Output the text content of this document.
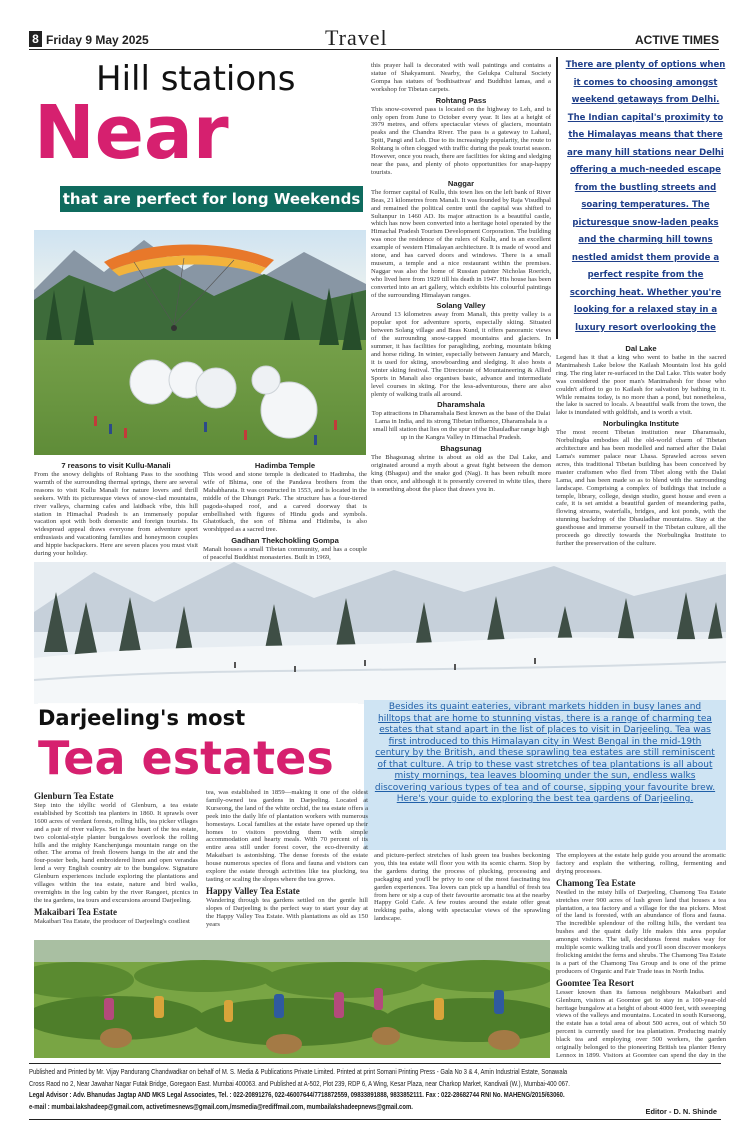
8 Friday 9 May 2025	Travel	ACTIVE TIMES
Hill stations
Near
that are perfect for long Weekends
There are plenty of options when it comes to choosing amongst weekend getaways from Delhi. The Indian capital's proximity to the Himalayas means that there are many hill stations near Delhi offering a much-needed escape from the bustling streets and soaring temperatures. The picturesque snow-laden peaks and the charming hill towns nestled amidst them provide a perfect respite from the scorching heat. Whether you're looking for a relaxed stay in a luxury resort overlooking the
7 reasons to visit Kullu-Manali
From the snowy delights of Rohtang Pass to the soothing warmth of the surrounding thermal springs, there are several reasons to visit Kullu Manali for nature lovers and thrill seekers. With its picturesque views of snow-clad mountains, river valleys, charming cafes and laidback vibe, this hill station in Himachal Pradesh is an immensely popular vacation spot with both domestic and foreign tourists. Its widespread appeal draws everyone from adventure sport enthusiasts and vacationing families and honeymoon couples and hippie backpackers. Here are seven places you must visit during your holiday.
Hadimba Temple
This wood and stone temple is dedicated to Hadimba, the wife of Bhima, one of the Pandava brothers from the Mahabharata. It was constructed in 1553, and is located in the middle of the Dhungri Park. The structure has a four-tiered pagoda-shaped roof, and a carved doorway that is embellished with figures of Hindu gods and symbols. Ghatotkach, the son of Bhima and Hidimba, is also worshipped as a sacred tree.
Gadhan Thekchokling Gompa
Manali houses a small Tibetan community, and has a couple of peaceful Buddhist monasteries. Built in 1969,
this prayer hall is decorated with wall paintings and contains a statue of Shakyamuni. Nearby, the Gelukpa Cultural Society Gompa has statues of 'bodhisattvas' and Buddhist lamas, and a workshop for Tibetan carpets.
Rohtang Pass
This snow-covered pass is located on the highway to Leh, and is only open from June to October every year. It lies at a height of 3979 metres, and offers spectacular views of glaciers, mountain peaks and the Chandra River. The pass is a gateway to Lahaul, Spiti, Pangi and Leh. Due to its increasingly popularity, the route to Rohtang is often clogged with traffic during the peak tourist season. However, once you reach, there are facilities for skiing and sledging near the pass, and plenty of photo opportunities for snap-happy tourists.
Naggar
The former capital of Kullu, this town lies on the left bank of River Beas, 21 kilometres from Manali. It was founded by Raja Visudhpal and remained the political centre until the capital was shifted to Sultanpur in 1460 AD. Its major attraction is a beautiful castle, which has now been converted into a heritage hotel operated by the Himachal Pradesh Tourism Development Corporation. The building was once the residence of the rulers of Kullu, and is an excellent example of western Himalayan architecture. It is made of wood and stone, and has carved doors and windows. There is a small museum, a temple and a nice restaurant within the premises. Naggar was also the home of Russian painter Nicholas Roerich, who lived here from 1929 till his death in 1947. His house has been converted into an art gallery, which exhibits his colourful paintings of the surrounding Himalayan ranges.
Solang Valley
Around 13 kilometres away from Manali, this pretty valley is a popular spot for adventure sports, especially skiing. Situated between Solang village and Beas Kund, it offers panoramic views of the surrounding snow-capped mountains and glaciers. In summer, it has facilities for paragliding, zorbing, mountain biking and horse riding. In winter, especially between January and March, it is used for skiing, snowboarding and sledging. It also hosts a winter skiing festival. The Directorate of Mountaineering & Allied Sports in Manali also organises basic, advance and intermediate level courses in skiing. For the less-adventurous, there are also plenty of walking trails all around.
Dharamshala
Top attractions in Dharamshala Best known as the base of the Dalai Lama in India, and its strong Tibetan influence, Dharamshala is a small hill station that lies on the spur of the Dhauladhar range high up in the Kangra Valley in Himachal Pradesh.
Bhagsunag
The Bhagsunag shrine is about as old as the Dal Lake, and originated around a myth about a great fight between the demon king (Bhagsu) and the snake god (Nag). It has been rebuilt more than once, and although it is presently covered in white tiles, there is something about the place that draws you in.
Dal Lake
Legend has it that a king who went to bathe in the sacred Manimahesh Lake below the Kailash Mountain lost his gold ring. The ring later re-surfaced in the Dal Lake. This water body was considered the poor man's Manimahesh for those who couldn't afford to go to Kailash for salvation by bathing in it. While remains today, is no more than a pond, but nonetheless, the lake is sacred to locals. A beautiful walk from the town, the lake is inundated with goldfish, and is worth a visit.
Norbulingka Institute
The most recent Tibetan institution near Dharamsalu, Norbulingka embodies all the old-world charm of Tibetan architecture and has been modelled and named after the Dalai Lama's summer palace near Lhasa. Sprawled across seven acres, this traditional Tibetan building has been conceived by master craftsmen who fled from Tibet along with the Dalai Lama, and has been made so as to blend with the surrounding landscape. Comprising a complex of buildings that include a temple, library, college, design studio, guest house and even a cafe, it is set amidst a beautiful garden of meandering paths, flowing streams, waterfalls, bridges, and koi ponds, with the stunning backdrop of the Dhauladhar mountains. Stay at the guesthouse and immerse yourself in the Tibetan culture, all the proceeds go directly towards the Norbulingka Institute to further the preservation of the culture.
Darjeeling's most
Tea estates
Besides its quaint eateries, vibrant markets hidden in busy lanes and hilltops that are home to stunning vistas, there is a range of charming tea estates that stand apart in the list of places to visit in Darjeeling. Tea was first introduced to this Himalayan city in West Bengal in the mid-19th century by the British, and these sprawling tea estates are still reminiscent of that culture. A trip to these vast stretches of tea plantations is all about misty mornings, tea leaves blooming under the sun, endless walks discovering various types of tea and of course, sipping your favourite brew. Here's your guide to exploring the best tea gardens of Darjeeling.
Glenburn Tea Estate
Step into the idyllic world of Glenburn, a tea estate established by Scottish tea planters in 1860. It sprawls over 1600 acres of verdant forests, rolling hills, tea picker villages and a pair of river valleys. Set in the heart of the tea estate, two colonial-style planter bungalows overlook the rolling hills and the mighty Kanchenjunga mountain range on the other. The aroma of fresh flowers hangs in the air and the four-poster beds, hand embroidered linen and open verandas lend a very English country air to the bungalow. Signature Glenburn experiences include exploring the plantations and villages within the tea estate, nature and bird walks, overnights in the log cabin by the river Rangeet, picnics in the tea gardens, tea tours and excursions around Darjeeling.
Makaibari Tea Estate
Makaibari Tea Estate, the producer of Darjeeling's costliest
tea, was established in 1859—making it one of the oldest family-owned tea gardens in Darjeeling. Located at Kurseong, the land of the white orchid, the tea estate offers a peek into the daily life of plantation workers with numerous homestays. Local families at the estate have opened up their homes to visitors providing them with simple accommodation and hearty meals. With 70 percent of its entire area still under forest cover, the eco-diversity at Makaibari is astonishing. The dense forests of the estate house numerous species of flora and fauna and visitors can explore the estate through activities like tea plucking, tea tasting or scaling the slopes where the tea grows.
Happy Valley Tea Estate
Wandering through tea gardens settled on the gentle hill slopes of Darjeeling is the perfect way to start your day at the Happy Valley Tea Estate. With plantations as old as 150 years
and picture-perfect stretches of lush green tea bushes beckoning you, this tea estate will floor you with its scenic charm. Stop by the gardens during the process of plucking, processing and packaging and you'll be privy to one of the most fascinating tea garden experiences. Tea lovers can pick up a handful of fresh tea from here or sip a cup of their favourite aromatic tea at the nearby Happy Gold Cafe. A few routes around the estate offer great trekking paths, along with spectacular views of the sprawling landscape.
The employees at the estate help guide you around the aromatic factory and explain the withering, rolling, fermenting and drying processes.
Chamong Tea Estate
Nestled in the misty hills of Darjeeling, Chamong Tea Estate stretches over 900 acres of lush green land that houses a tea plantation, a tea factory and a village for the tea pickers. Most of the land is forested, with an abundance of flora and fauna. The incredible splendour of the rolling hills, the verdant tea bushes and the quaint daily life makes this area popular amongst visitors. The tall, deciduous forest makes way for multiple scenic walking trails and you'll soon discover monkeys frolicking amidst the ferns and shrubs. The Chamong Tea Estate is a part of the Chamong Tea Group and is one of the prime producers of Organic and Fair Trade teas in North India.
Goomtee Tea Resort
Lesser known than its famous neighbours Makaibari and Glenburn, visitors at Goomtee get to stay in a 100-year-old heritage bungalow at a height of about 4000 feet, with sweeping views of the valleys and mountains. Located in south Kurseong, the estate has a total area of about 500 acres, out of which 50 percent is currently used for tea plantation. Producing mainly black tea and employing over 500 workers, the garden originally belonged to the pioneering British tea planter Henry Lennox in 1899. Visitors at Goomtee can spend the day in the
Published and Printed by Mr. Vijay Pandurang Chandwadkar on behalf of M. S. Media & Publications Private Limited. Printed at print Somani Printing Press - Gala No 3 & 4, Amin Industrial Estate, Sonawala
Cross Raod no 2, Near Jawahar Nagar Futak Bridge, Goregaon East. Mumbai 400063. and Published at A-502, Plot 239, RDP 6, A Wing, Kesar Plaza, near Charkop Market, Kandivali (W.), Mumbai-400 067.
Legal Advisor : Adv. Bhanudas Jagtap AND MKS Legal Associates, Tel. : 022-20891276, 022-46007644/7718872559, 09833891888, 9833852111. Fax : 022-28682744 RNI No. MAHENG/2015/63060.
e-mail : mumbai.lakshadeep@gmail.com, activetimesnews@gmail.com,/msmedia@rediffmail.com, mumbailakshadeepnews@gmail.com.
Editor - D. N. Shinde
